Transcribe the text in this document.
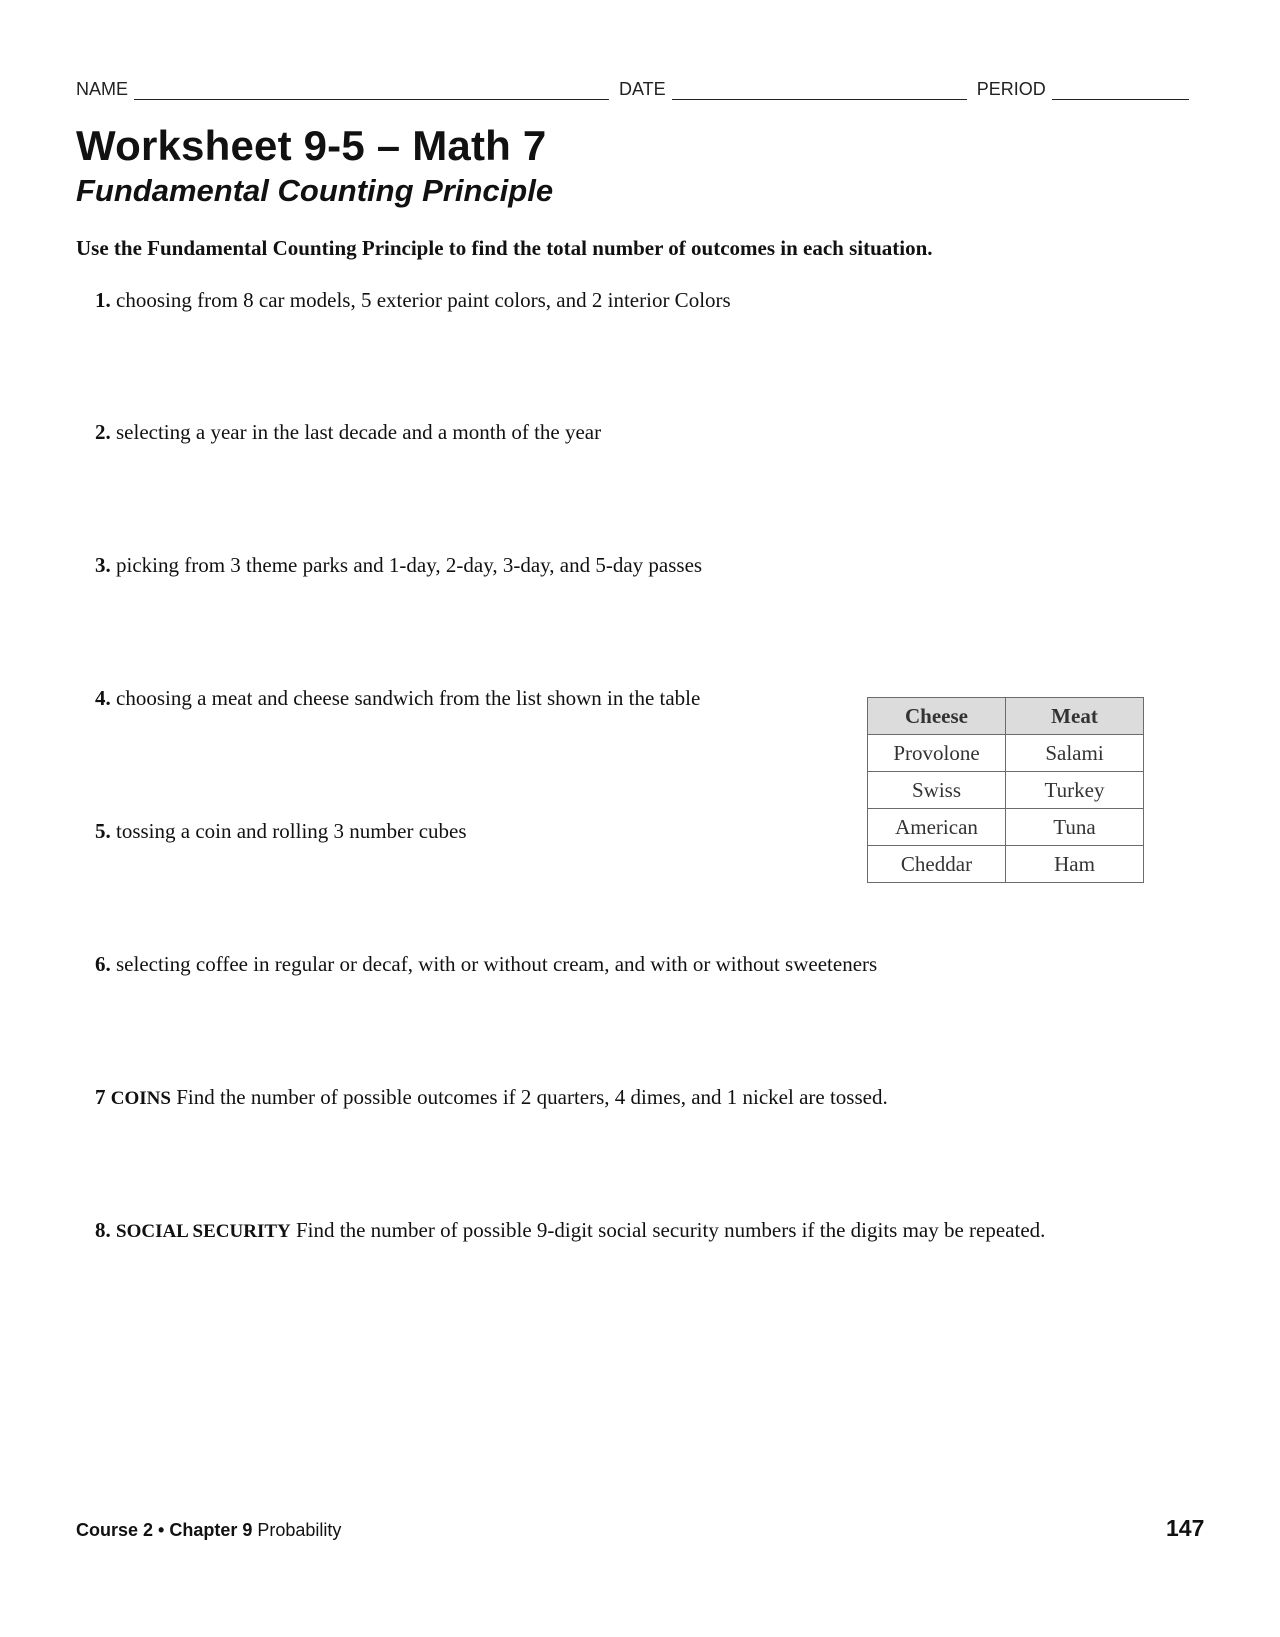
NAME	DATE	PERIOD
Worksheet 9-5 – Math 7
Fundamental Counting Principle
Use the Fundamental Counting Principle to find the total number of outcomes in each situation.
1. choosing from 8 car models, 5 exterior paint colors, and 2 interior Colors
2. selecting a year in the last decade and a month of the year
3. picking from 3 theme parks and 1-day, 2-day, 3-day, and 5-day passes
4. choosing a meat and cheese sandwich from the list shown in the table
5. tossing a coin and rolling 3 number cubes
6. selecting coffee in regular or decaf, with or without cream, and with or without sweeteners
7 COINS Find the number of possible outcomes if 2 quarters, 4 dimes, and 1 nickel are tossed.
8. SOCIAL SECURITY Find the number of possible 9-digit social security numbers if the digits may be repeated.
Cheese	Meat
Provolone	Salami
Swiss	Turkey
American	Tuna
Cheddar	Ham
Course 2 • Chapter 9 Probability	147
